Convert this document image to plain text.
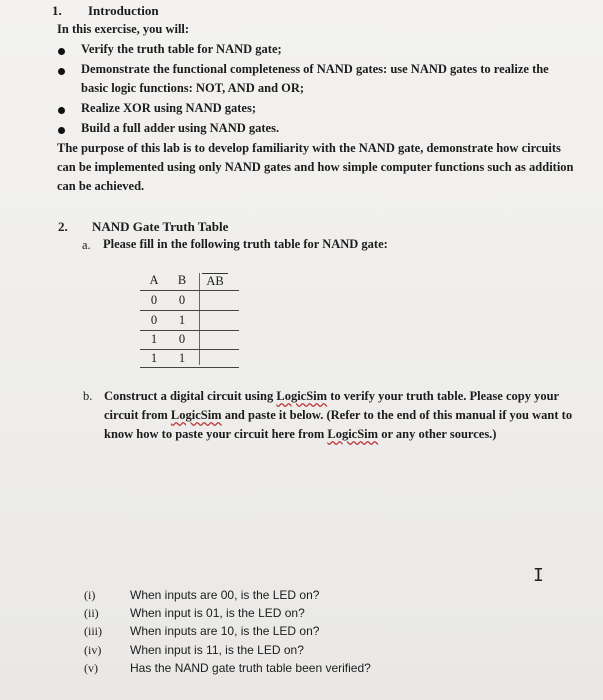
1. Introduction
In this exercise, you will:
Verify the truth table for NAND gate;
Demonstrate the functional completeness of NAND gates: use NAND gates to realize the
basic logic functions: NOT, AND and OR;
Realize XOR using NAND gates;
Build a full adder using NAND gates.
The purpose of this lab is to develop familiarity with the NAND gate, demonstrate how circuits
can be implemented using only NAND gates and how simple computer functions such as addition
can be achieved.
2. NAND Gate Truth Table
a. Please fill in the following truth table for NAND gate:
A	B	AB
0	0
0	1
1	0
1	1
b. Construct a digital circuit using LogicSim to verify your truth table. Please copy your
circuit from LogicSim and paste it below. (Refer to the end of this manual if you want to
know how to paste your circuit here from LogicSim or any other sources.)
I
(i)	When inputs are 00, is the LED on?
(ii)	When input is 01, is the LED on?
(iii) When inputs are 10, is the LED on?
(iv) When input is 11, is the LED on?
(v)	Has the NAND gate truth table been verified?
